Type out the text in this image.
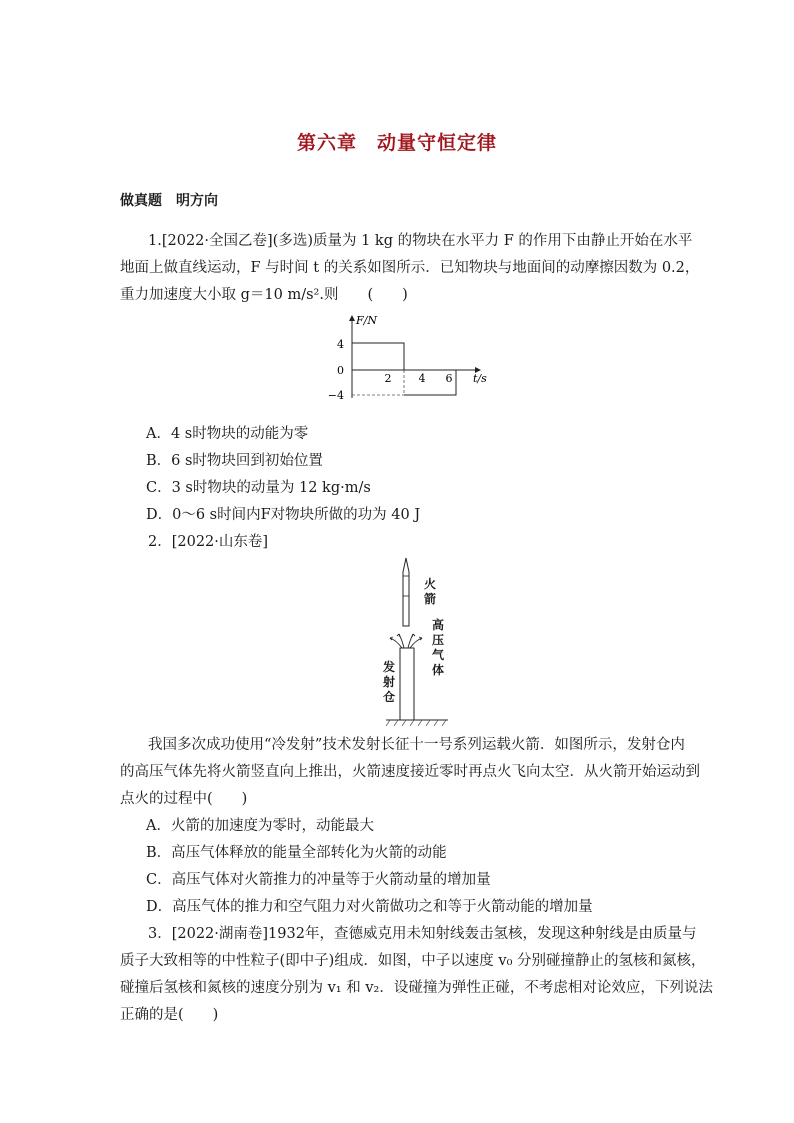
第六章　动量守恒定律
做真题　明方向
1.[2022·全国乙卷](多选)质量为 1 kg 的物块在水平力 F 的作用下由静止开始在水平
地面上做直线运动，F 与时间 t 的关系如图所示．已知物块与地面间的动摩擦因数为 0.2，
重力加速度大小取 g＝10 m/s².则　　(　　)
F/N
t/s
4
0
−4
2 4 6
A．4 s时物块的动能为零
B．6 s时物块回到初始位置
C．3 s时物块的动量为 12 kg·m/s
D．0～6 s时间内F对物块所做的功为 40 J
2．[2022·山东卷]
火箭
高压气体
发射仓
我国多次成功使用“冷发射”技术发射长征十一号系列运载火箭．如图所示，发射仓内
的高压气体先将火箭竖直向上推出，火箭速度接近零时再点火飞向太空．从火箭开始运动到
点火的过程中(　　)
A．火箭的加速度为零时，动能最大
B．高压气体释放的能量全部转化为火箭的动能
C．高压气体对火箭推力的冲量等于火箭动量的增加量
D．高压气体的推力和空气阻力对火箭做功之和等于火箭动能的增加量
3．[2022·湖南卷]1932年，查德威克用未知射线轰击氢核，发现这种射线是由质量与
质子大致相等的中性粒子(即中子)组成．如图，中子以速度 v₀ 分别碰撞静止的氢核和氮核，
碰撞后氢核和氮核的速度分别为 v₁ 和 v₂．设碰撞为弹性正碰，不考虑相对论效应，下列说法
正确的是(　　)
